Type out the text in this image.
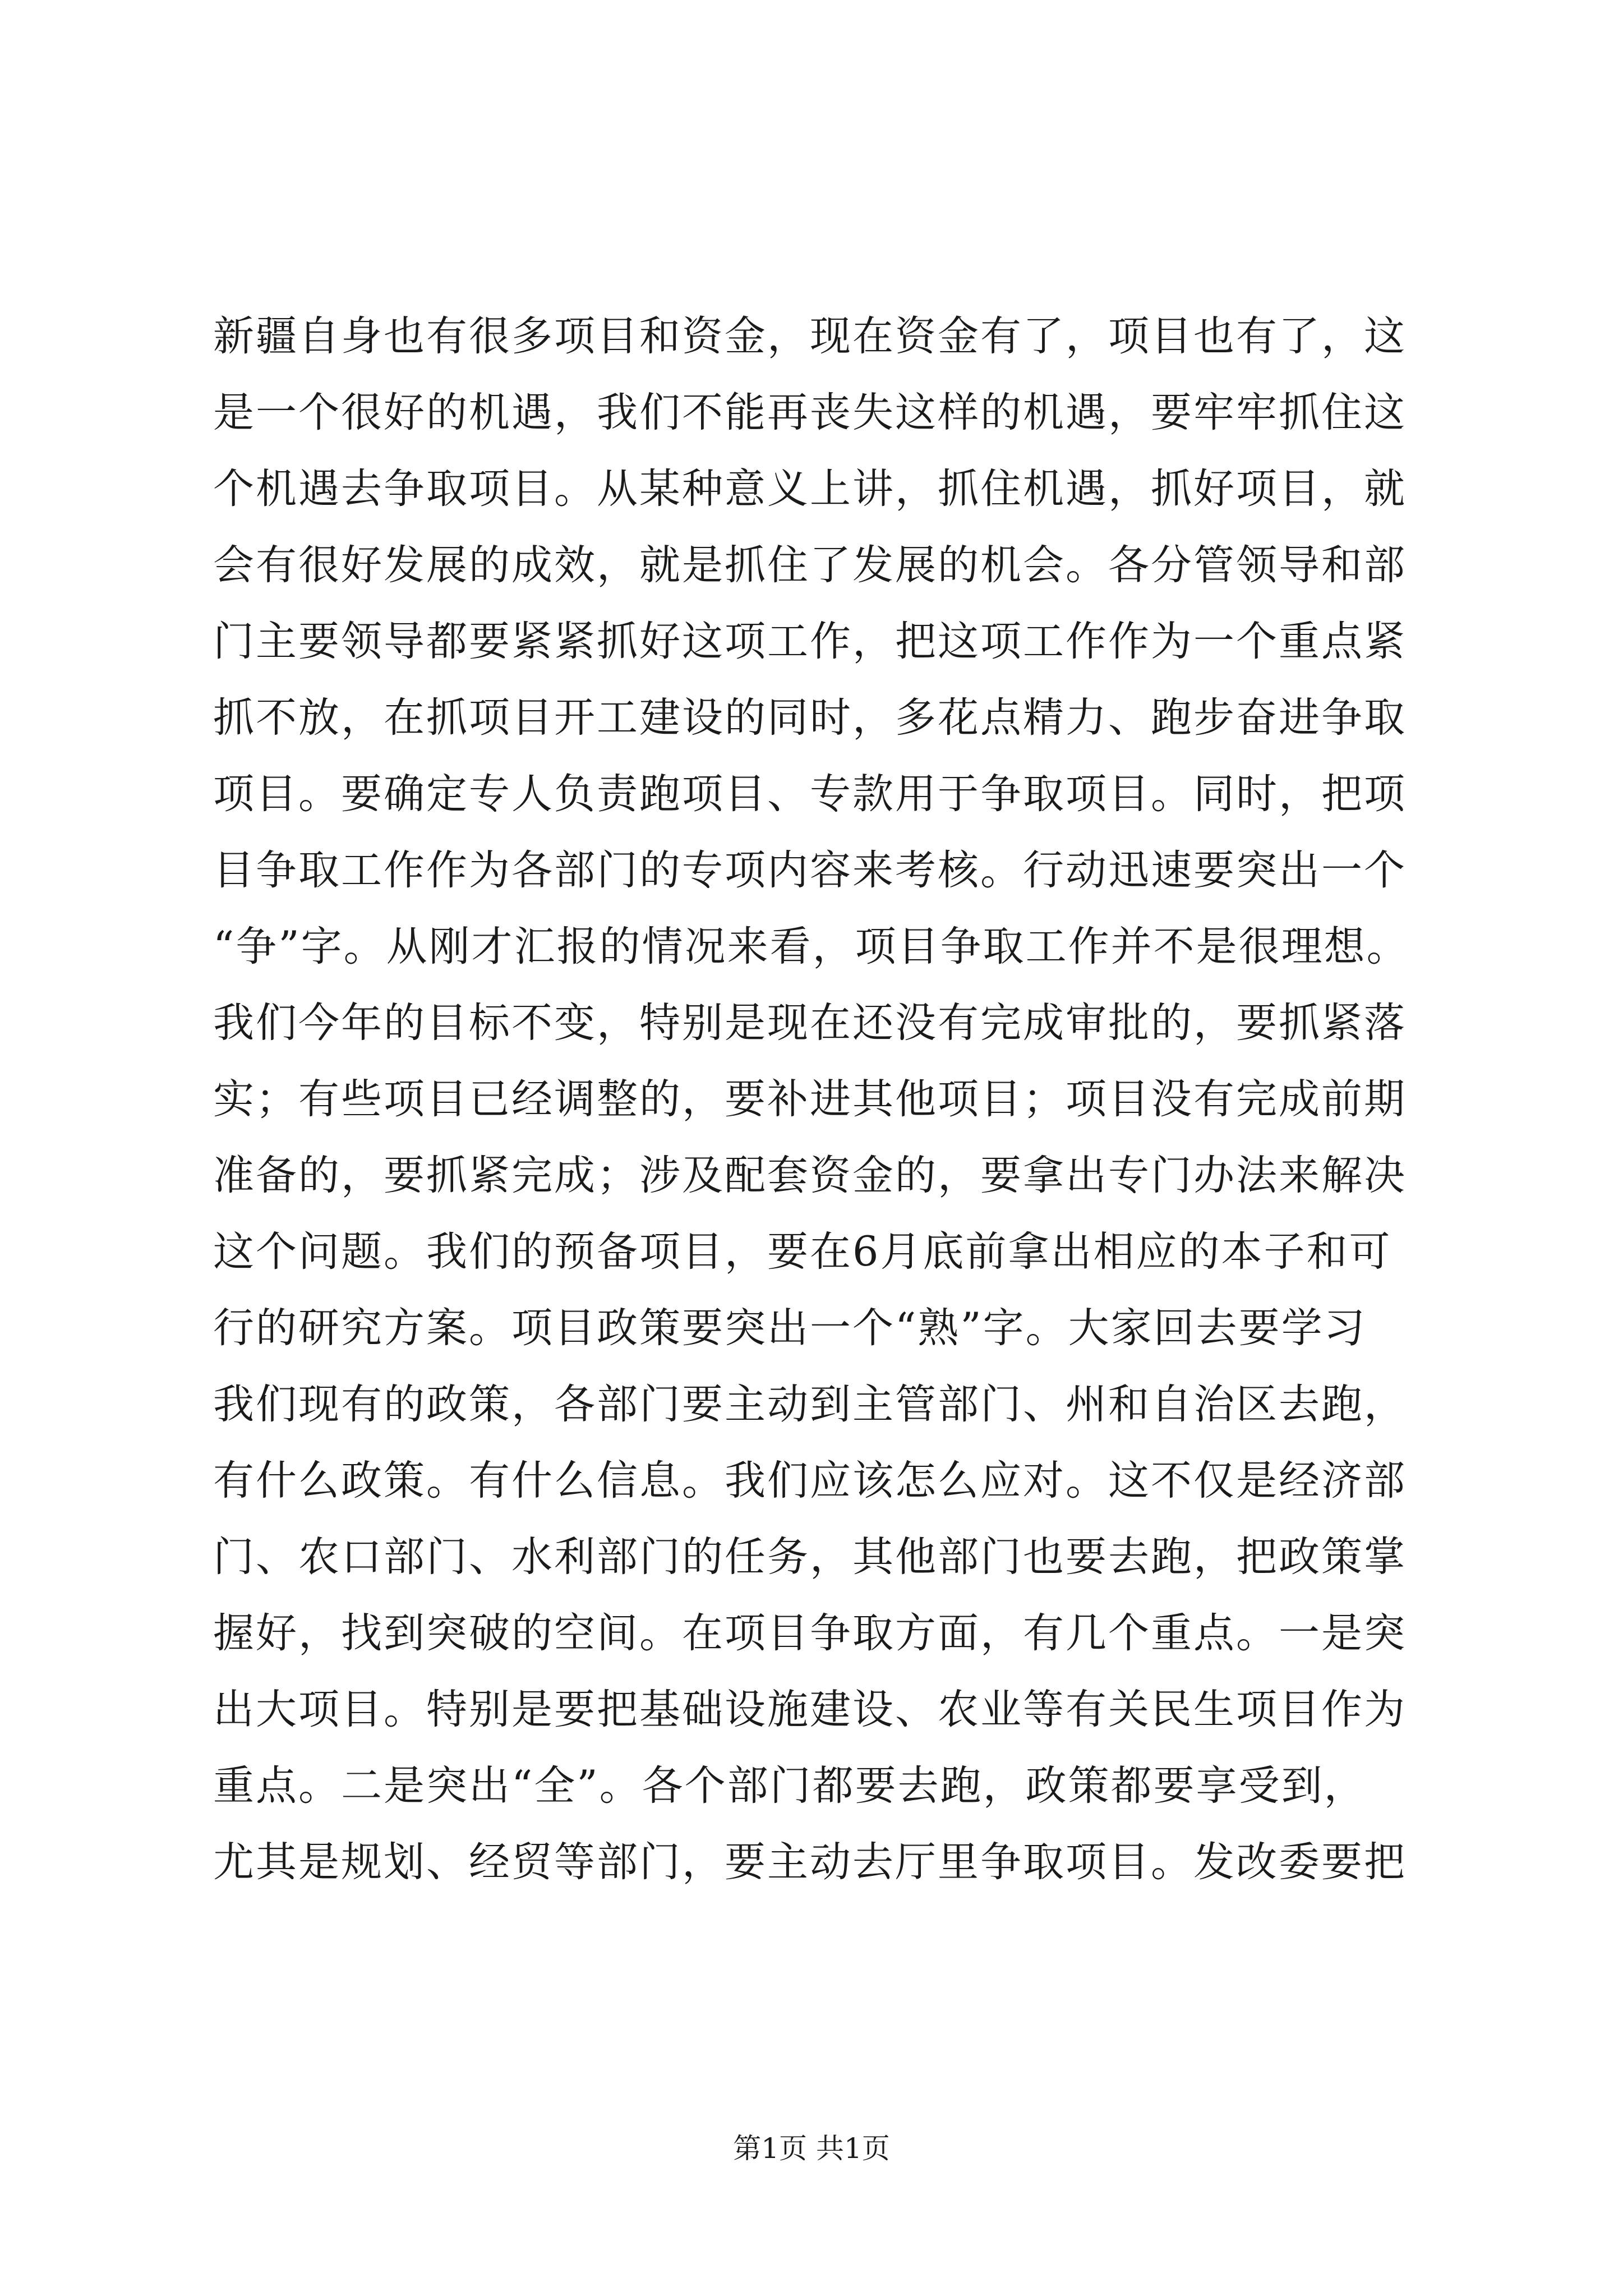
新疆自身也有很多项目和资金，现在资金有了，项目也有了，这
是一个很好的机遇，我们不能再丧失这样的机遇，要牢牢抓住这
个机遇去争取项目。从某种意义上讲，抓住机遇，抓好项目，就
会有很好发展的成效，就是抓住了发展的机会。各分管领导和部
门主要领导都要紧紧抓好这项工作，把这项工作作为一个重点紧
抓不放，在抓项目开工建设的同时，多花点精力、跑步奋进争取
项目。要确定专人负责跑项目、专款用于争取项目。同时，把项
目争取工作作为各部门的专项内容来考核。行动迅速要突出一个
“争”字。从刚才汇报的情况来看，项目争取工作并不是很理想。
我们今年的目标不变，特别是现在还没有完成审批的，要抓紧落
实；有些项目已经调整的，要补进其他项目；项目没有完成前期
准备的，要抓紧完成；涉及配套资金的，要拿出专门办法来解决
这个问题。我们的预备项目，要在6月底前拿出相应的本子和可
行的研究方案。项目政策要突出一个“熟”字。大家回去要学习
我们现有的政策，各部门要主动到主管部门、州和自治区去跑，
有什么政策。有什么信息。我们应该怎么应对。这不仅是经济部
门、农口部门、水利部门的任务，其他部门也要去跑，把政策掌
握好，找到突破的空间。在项目争取方面，有几个重点。一是突
出大项目。特别是要把基础设施建设、农业等有关民生项目作为
重点。二是突出“全”。各个部门都要去跑，政策都要享受到，
尤其是规划、经贸等部门，要主动去厅里争取项目。发改委要把
第1页 共1页
